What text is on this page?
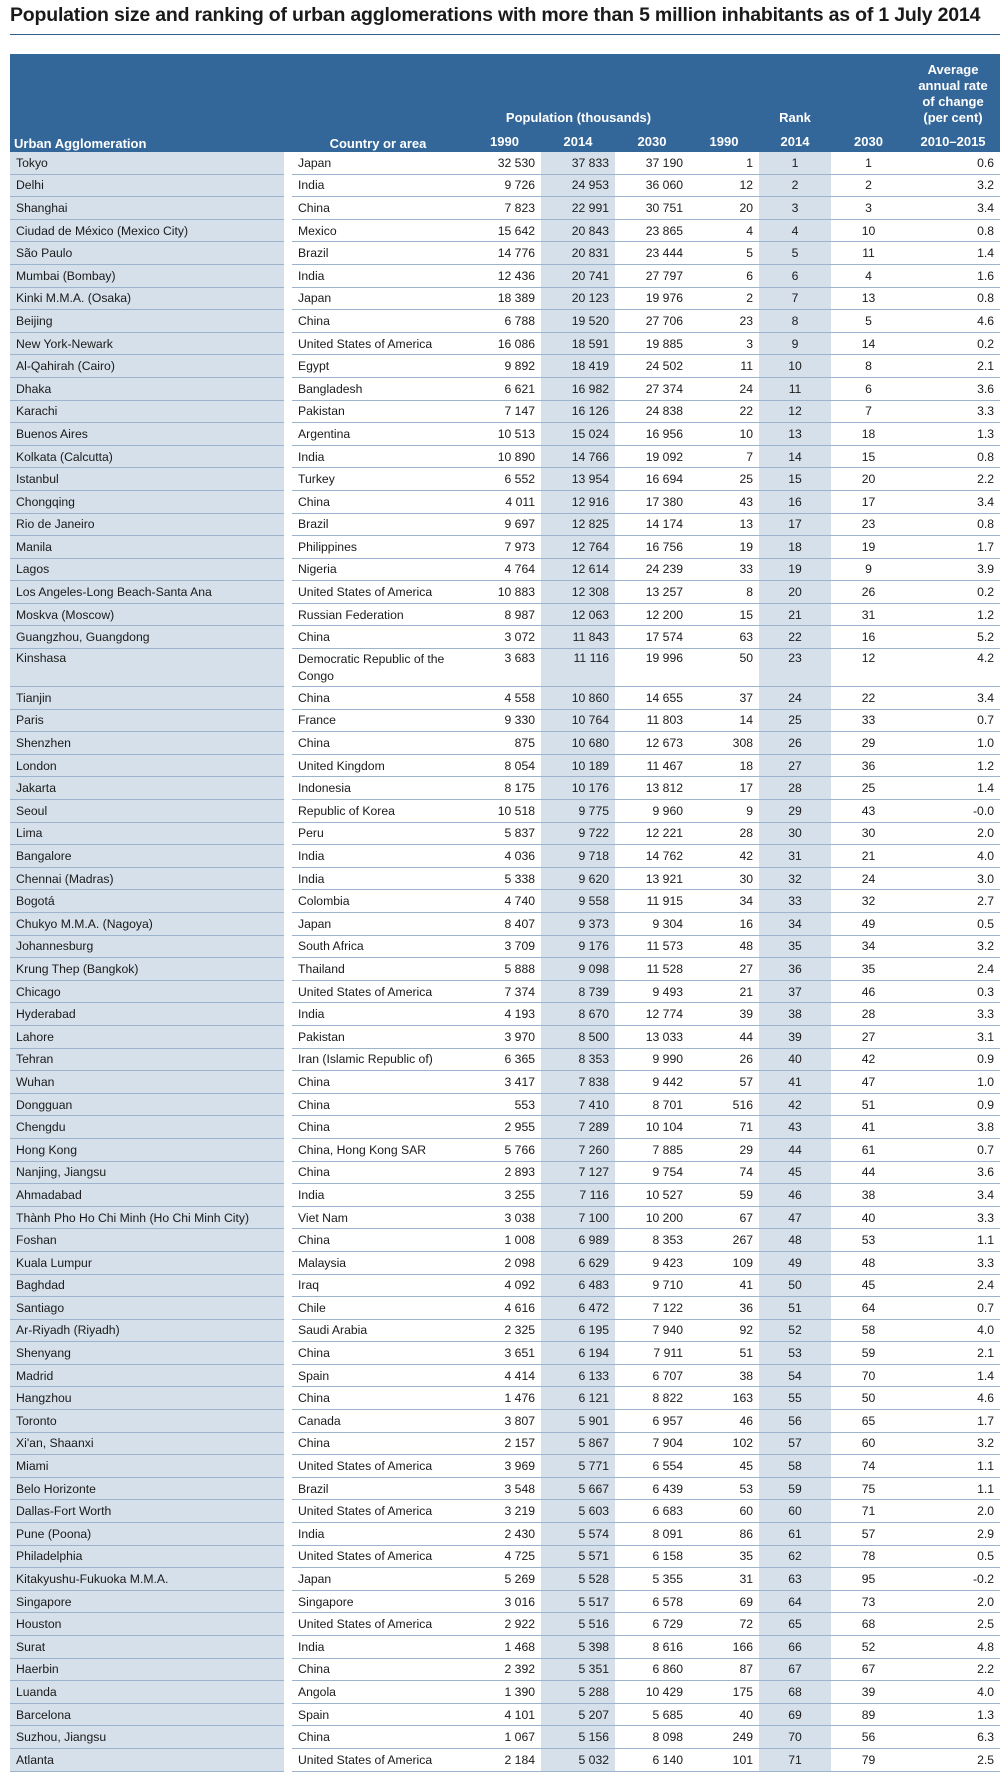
Population size and ranking of urban agglomerations with more than 5 million inhabitants as of 1 July 2014
Urban Agglomeration	Country or area	Population (thousands)				Rank		Average
annual rate
of change
(per cent)

		1990	2014	2030	1990	2014	2030	2010–2015
Tokyo	Japan	32 530	37 833	37 190	1	1	1	0.6
Delhi	India	9 726	24 953	36 060	12	2	2	3.2
Shanghai	China	7 823	22 991	30 751	20	3	3	3.4
Ciudad de México (Mexico City)	Mexico	15 642	20 843	23 865	4	4	10	0.8
São Paulo	Brazil	14 776	20 831	23 444	5	5	11	1.4
Mumbai (Bombay)	India	12 436	20 741	27 797	6	6	4	1.6
Kinki M.M.A. (Osaka)	Japan	18 389	20 123	19 976	2	7	13	0.8
Beijing	China	6 788	19 520	27 706	23	8	5	4.6
New York-Newark	United States of America	16 086	18 591	19 885	3	9	14	0.2
Al-Qahirah (Cairo)	Egypt	9 892	18 419	24 502	11	10	8	2.1
Dhaka	Bangladesh	6 621	16 982	27 374	24	11	6	3.6
Karachi	Pakistan	7 147	16 126	24 838	22	12	7	3.3
Buenos Aires	Argentina	10 513	15 024	16 956	10	13	18	1.3
Kolkata (Calcutta)	India	10 890	14 766	19 092	7	14	15	0.8
Istanbul	Turkey	6 552	13 954	16 694	25	15	20	2.2
Chongqing	China	4 011	12 916	17 380	43	16	17	3.4
Rio de Janeiro	Brazil	9 697	12 825	14 174	13	17	23	0.8
Manila	Philippines	7 973	12 764	16 756	19	18	19	1.7
Lagos	Nigeria	4 764	12 614	24 239	33	19	9	3.9
Los Angeles-Long Beach-Santa Ana	United States of America	10 883	12 308	13 257	8	20	26	0.2
Moskva (Moscow)	Russian Federation	8 987	12 063	12 200	15	21	31	1.2
Guangzhou, Guangdong	China	3 072	11 843	17 574	63	22	16	5.2
Kinshasa	Democratic Republic of the Congo	3 683	11 116	19 996	50	23	12	4.2
Tianjin	China	4 558	10 860	14 655	37	24	22	3.4
Paris	France	9 330	10 764	11 803	14	25	33	0.7
Shenzhen	China	875	10 680	12 673	308	26	29	1.0
London	United Kingdom	8 054	10 189	11 467	18	27	36	1.2
Jakarta	Indonesia	8 175	10 176	13 812	17	28	25	1.4
Seoul	Republic of Korea	10 518	9 775	9 960	9	29	43	-0.0
Lima	Peru	5 837	9 722	12 221	28	30	30	2.0
Bangalore	India	4 036	9 718	14 762	42	31	21	4.0
Chennai (Madras)	India	5 338	9 620	13 921	30	32	24	3.0
Bogotá	Colombia	4 740	9 558	11 915	34	33	32	2.7
Chukyo M.M.A. (Nagoya)	Japan	8 407	9 373	9 304	16	34	49	0.5
Johannesburg	South Africa	3 709	9 176	11 573	48	35	34	3.2
Krung Thep (Bangkok)	Thailand	5 888	9 098	11 528	27	36	35	2.4
Chicago	United States of America	7 374	8 739	9 493	21	37	46	0.3
Hyderabad	India	4 193	8 670	12 774	39	38	28	3.3
Lahore	Pakistan	3 970	8 500	13 033	44	39	27	3.1
Tehran	Iran (Islamic Republic of)	6 365	8 353	9 990	26	40	42	0.9
Wuhan	China	3 417	7 838	9 442	57	41	47	1.0
Dongguan	China	553	7 410	8 701	516	42	51	0.9
Chengdu	China	2 955	7 289	10 104	71	43	41	3.8
Hong Kong	China, Hong Kong SAR	5 766	7 260	7 885	29	44	61	0.7
Nanjing, Jiangsu	China	2 893	7 127	9 754	74	45	44	3.6
Ahmadabad	India	3 255	7 116	10 527	59	46	38	3.4
Thành Pho Ho Chi Minh (Ho Chi Minh City)	Viet Nam	3 038	7 100	10 200	67	47	40	3.3
Foshan	China	1 008	6 989	8 353	267	48	53	1.1
Kuala Lumpur	Malaysia	2 098	6 629	9 423	109	49	48	3.3
Baghdad	Iraq	4 092	6 483	9 710	41	50	45	2.4
Santiago	Chile	4 616	6 472	7 122	36	51	64	0.7
Ar-Riyadh (Riyadh)	Saudi Arabia	2 325	6 195	7 940	92	52	58	4.0
Shenyang	China	3 651	6 194	7 911	51	53	59	2.1
Madrid	Spain	4 414	6 133	6 707	38	54	70	1.4
Hangzhou	China	1 476	6 121	8 822	163	55	50	4.6
Toronto	Canada	3 807	5 901	6 957	46	56	65	1.7
Xi'an, Shaanxi	China	2 157	5 867	7 904	102	57	60	3.2
Miami	United States of America	3 969	5 771	6 554	45	58	74	1.1
Belo Horizonte	Brazil	3 548	5 667	6 439	53	59	75	1.1
Dallas-Fort Worth	United States of America	3 219	5 603	6 683	60	60	71	2.0
Pune (Poona)	India	2 430	5 574	8 091	86	61	57	2.9
Philadelphia	United States of America	4 725	5 571	6 158	35	62	78	0.5
Kitakyushu-Fukuoka M.M.A.	Japan	5 269	5 528	5 355	31	63	95	-0.2
Singapore	Singapore	3 016	5 517	6 578	69	64	73	2.0
Houston	United States of America	2 922	5 516	6 729	72	65	68	2.5
Surat	India	1 468	5 398	8 616	166	66	52	4.8
Haerbin	China	2 392	5 351	6 860	87	67	67	2.2
Luanda	Angola	1 390	5 288	10 429	175	68	39	4.0
Barcelona	Spain	4 101	5 207	5 685	40	69	89	1.3
Suzhou, Jiangsu	China	1 067	5 156	8 098	249	70	56	6.3
Atlanta	United States of America	2 184	5 032	6 140	101	71	79	2.5
